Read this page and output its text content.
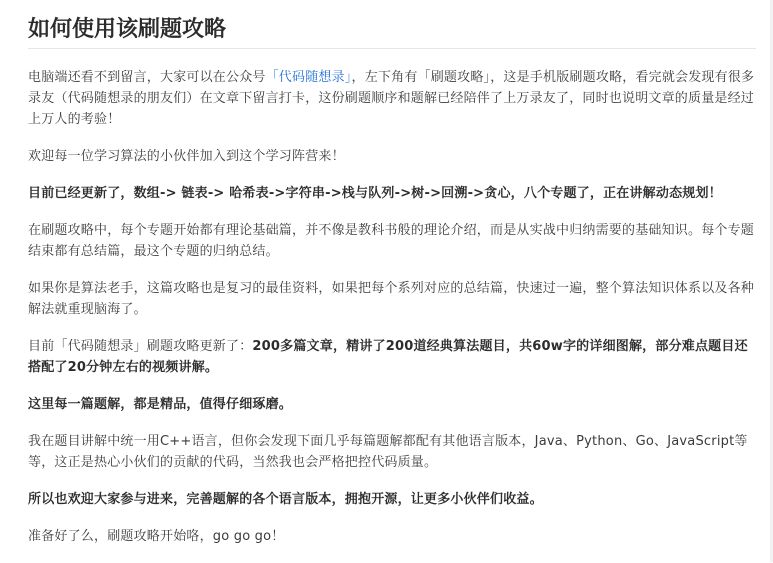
如何使用该刷题攻略

电脑端还看不到留言，大家可以在公众号「代码随想录」，左下角有「刷题攻略」，这是手机版刷题攻略，看完就会发现有很多录友（代码随想录的朋友们）在文章下留言打卡，这份刷题顺序和题解已经陪伴了上万录友了，同时也说明文章的质量是经过上万人的考验！

欢迎每一位学习算法的小伙伴加入到这个学习阵营来！

目前已经更新了，数组-> 链表-> 哈希表->字符串->栈与队列->树->回溯->贪心，八个专题了，正在讲解动态规划！

在刷题攻略中，每个专题开始都有理论基础篇，并不像是教科书般的理论介绍，而是从实战中归纳需要的基础知识。每个专题结束都有总结篇，最这个专题的归纳总结。

如果你是算法老手，这篇攻略也是复习的最佳资料，如果把每个系列对应的总结篇，快速过一遍，整个算法知识体系以及各种解法就重现脑海了。

目前「代码随想录」刷题攻略更新了：200多篇文章，精讲了200道经典算法题目，共60w字的详细图解，部分难点题目还搭配了20分钟左右的视频讲解。

这里每一篇题解，都是精品，值得仔细琢磨。

我在题目讲解中统一用C++语言，但你会发现下面几乎每篇题解都配有其他语言版本，Java、Python、Go、JavaScript等等，这正是热心小伙们的贡献的代码，当然我也会严格把控代码质量。

所以也欢迎大家参与进来，完善题解的各个语言版本，拥抱开源，让更多小伙伴们收益。

准备好了么，刷题攻略开始咯，go go go！
